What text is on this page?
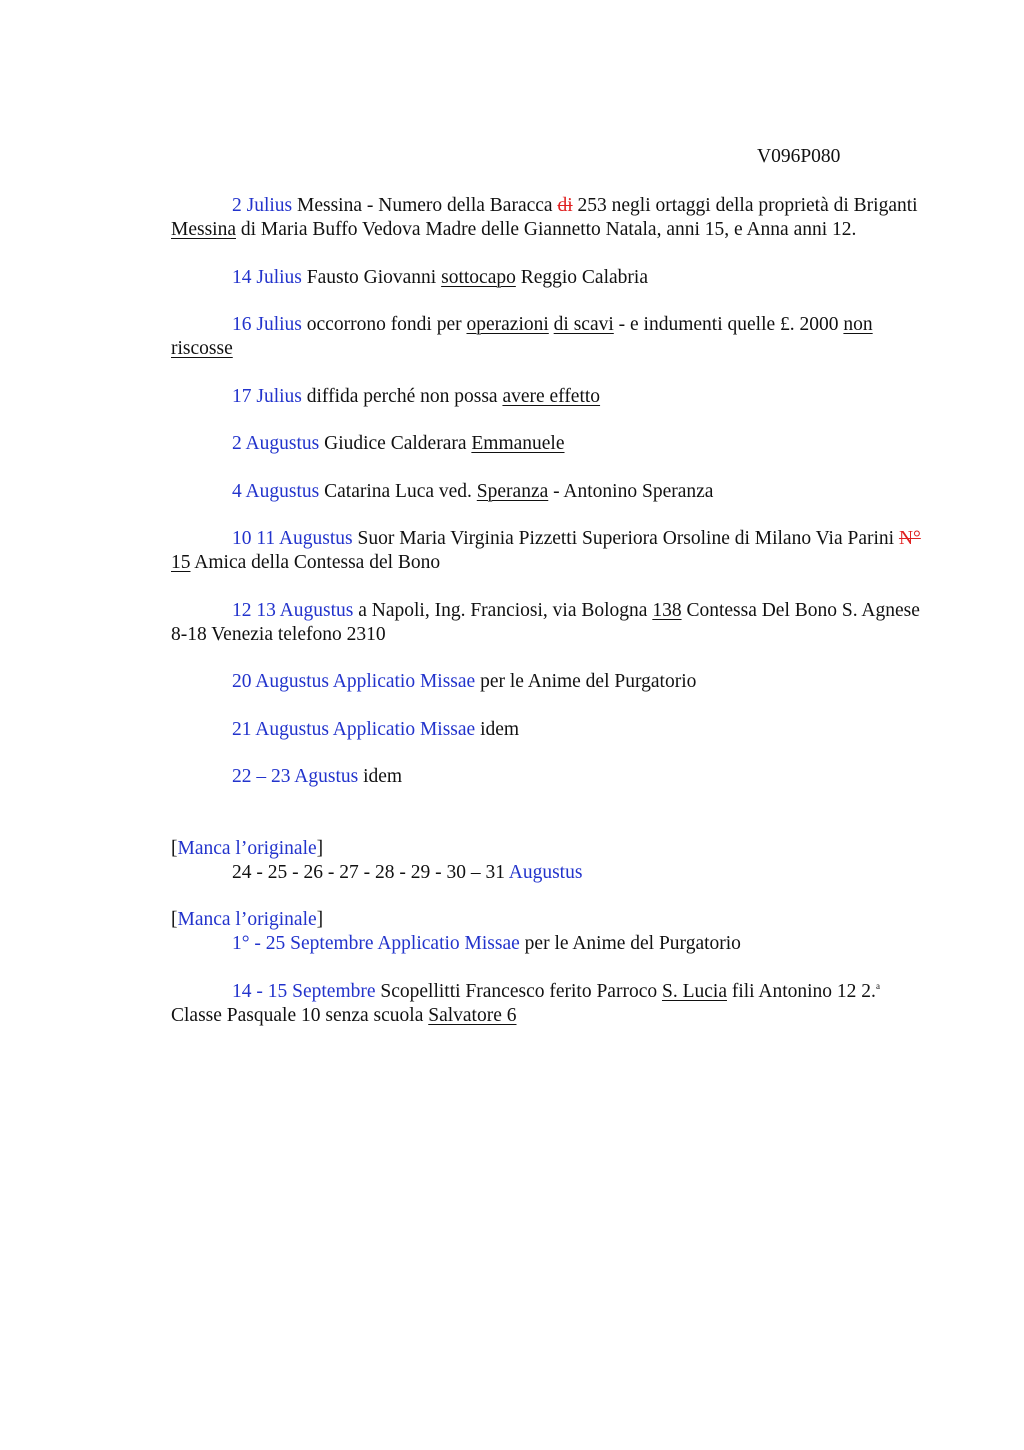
V096P080

2 Julius Messina - Numero della Baracca di 253 negli ortaggi della proprietà di Briganti Messina di Maria Buffo Vedova Madre delle Giannetto Natala, anni 15, e Anna anni 12.

14 Julius Fausto Giovanni sottocapo Reggio Calabria

16 Julius occorrono fondi per operazioni di scavi - e indumenti quelle £. 2000 non riscosse

17 Julius diffida perché non possa avere effetto

2 Augustus Giudice Calderara Emmanuele

4 Augustus Catarina Luca ved. Speranza - Antonino Speranza

10 11 Augustus Suor Maria Virginia Pizzetti Superiora Orsoline di Milano Via Parini N° 15 Amica della Contessa del Bono

12 13 Augustus a Napoli, Ing. Franciosi, via Bologna 138 Contessa Del Bono S. Agnese 8-18 Venezia telefono 2310

20 Augustus Applicatio Missae per le Anime del Purgatorio

21 Augustus Applicatio Missae idem

22 – 23 Agustus idem

[Manca l’originale]
24 - 25 - 26 - 27 - 28 - 29 - 30 – 31 Augustus
[Manca l’originale]
1° - 25 Septembre Applicatio Missae per le Anime del Purgatorio

14 - 15 Septembre Scopellitti Francesco ferito Parroco S. Lucia fili Antonino 12 2.$^a$ Classe Pasquale 10 senza scuola Salvatore 6
